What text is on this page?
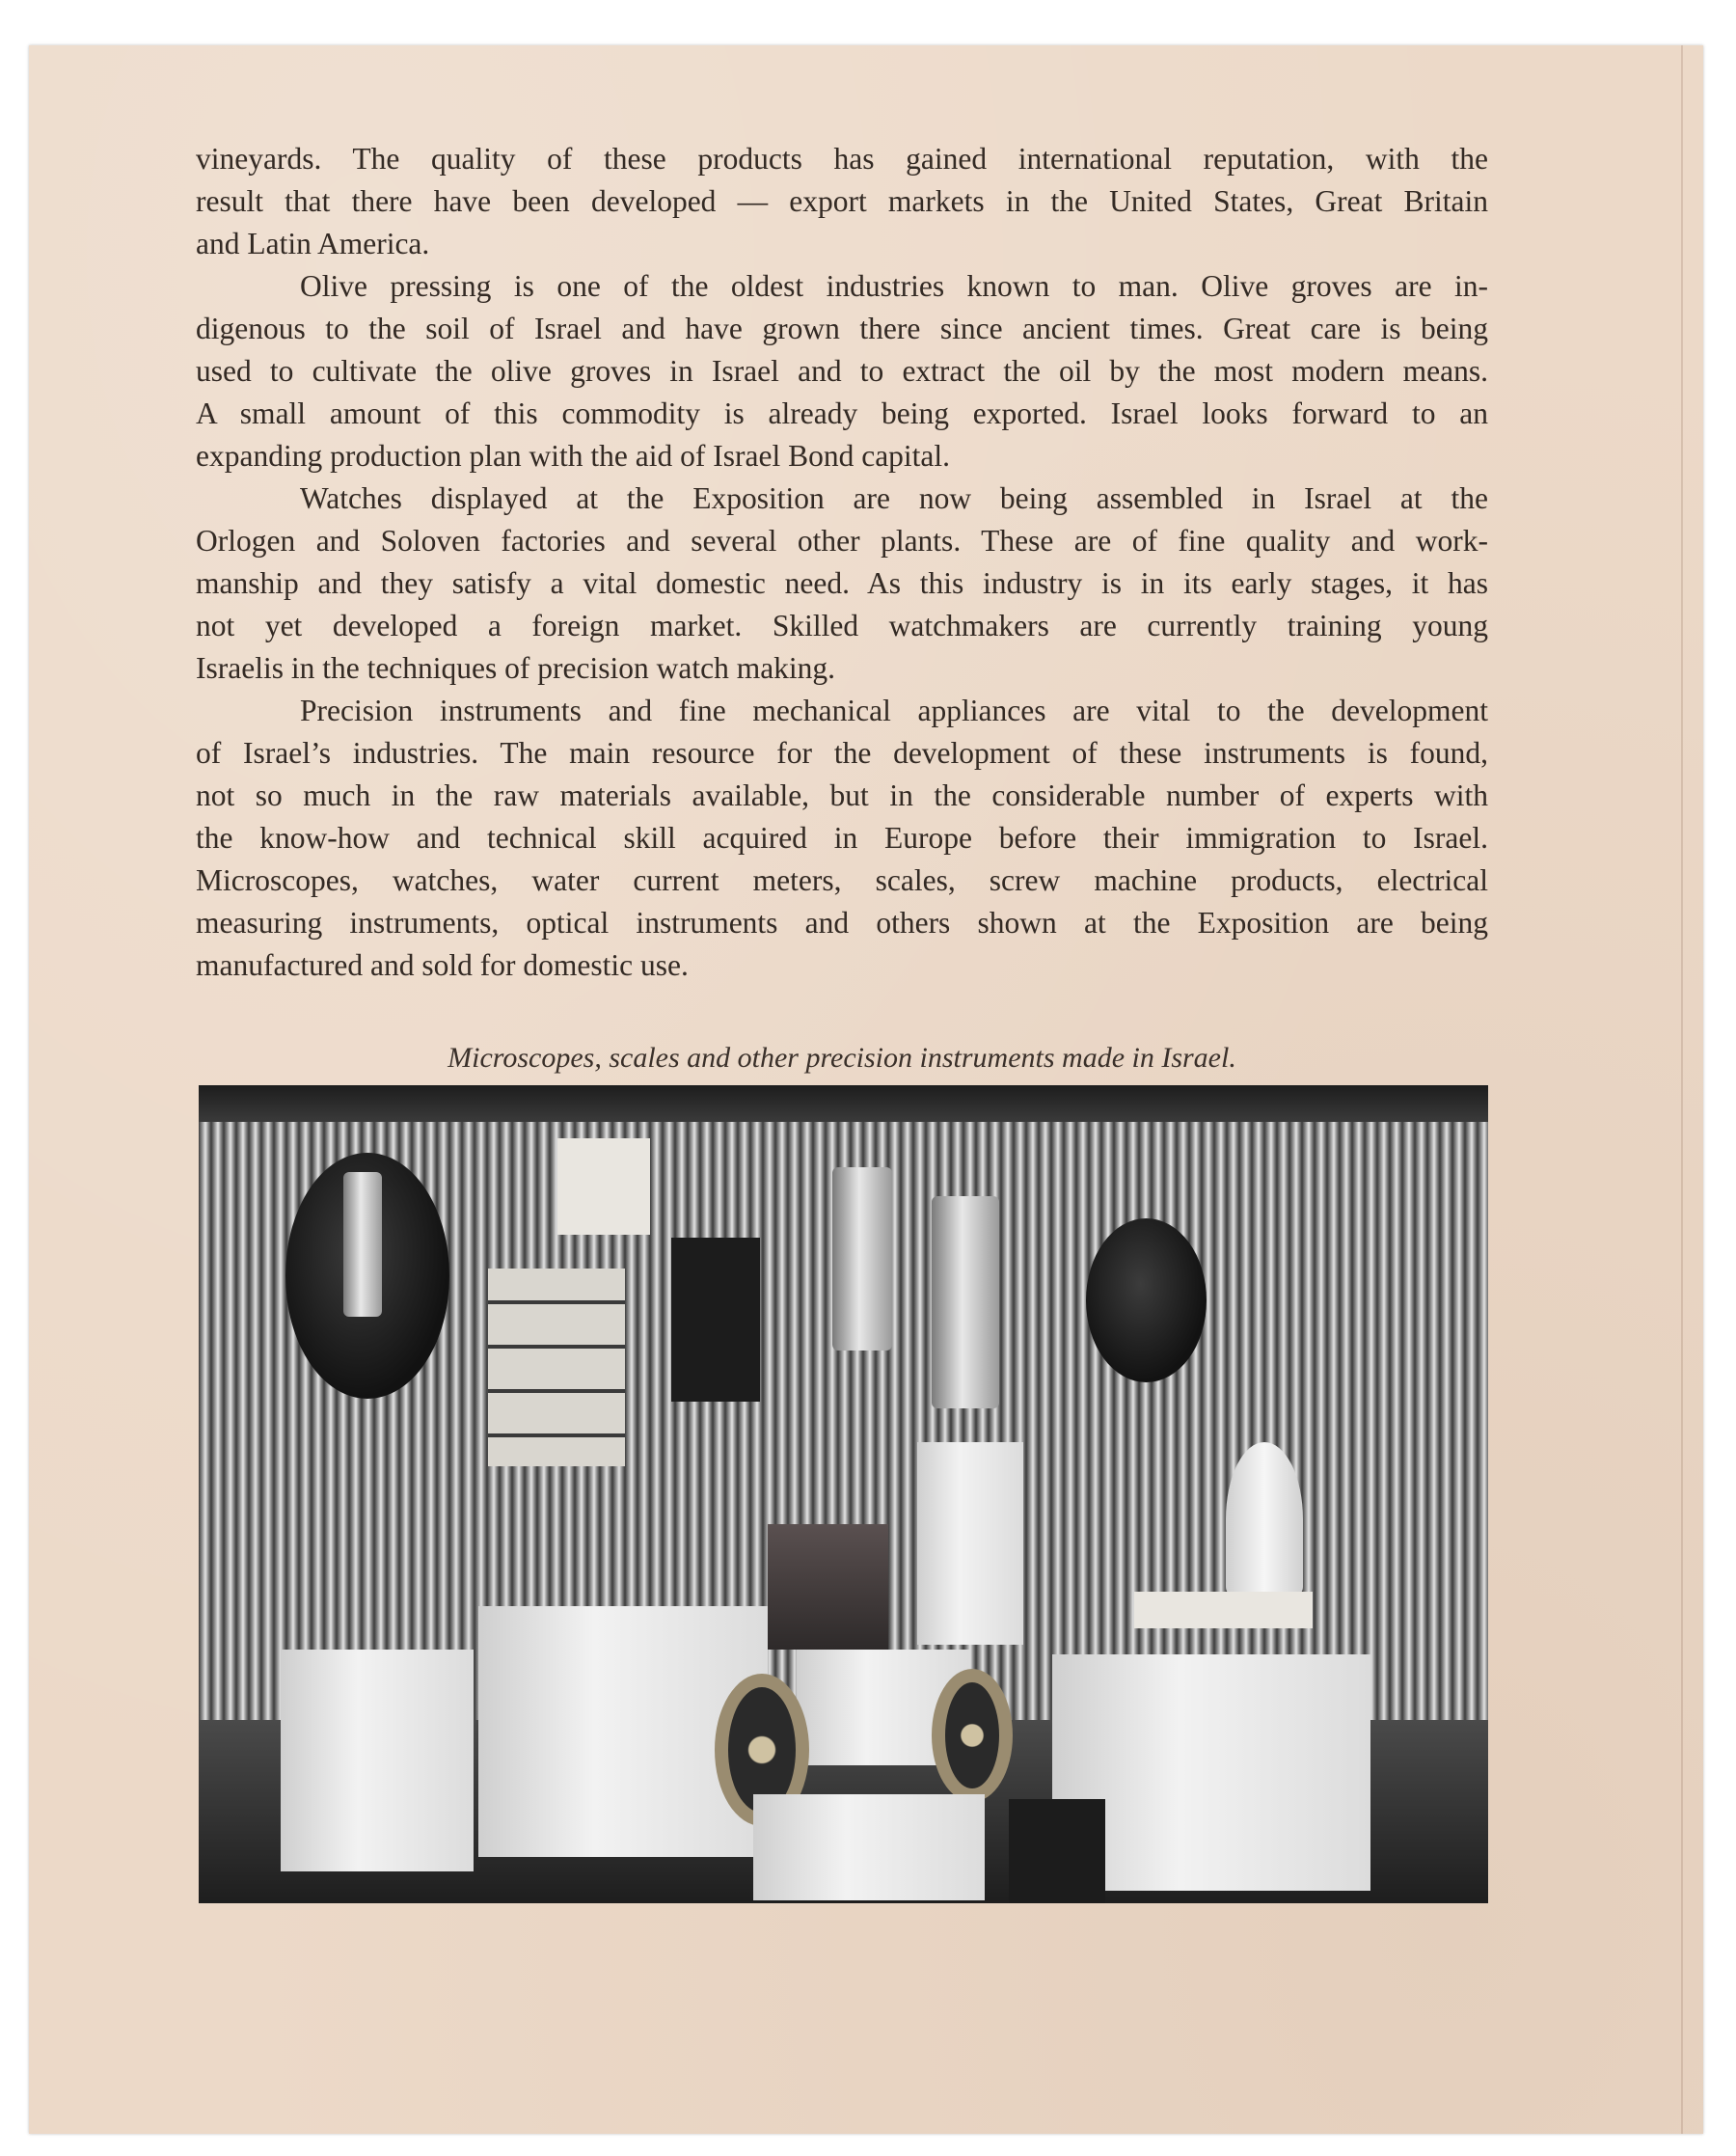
vineyards. The quality of these products has gained international reputation, with the
result that there have been developed — export markets in the United States, Great Britain
and Latin America.
Olive pressing is one of the oldest industries known to man. Olive groves are in-
digenous to the soil of Israel and have grown there since ancient times. Great care is being
used to cultivate the olive groves in Israel and to extract the oil by the most modern means.
A small amount of this commodity is already being exported. Israel looks forward to an
expanding production plan with the aid of Israel Bond capital.
Watches displayed at the Exposition are now being assembled in Israel at the
Orlogen and Soloven factories and several other plants. These are of fine quality and work-
manship and they satisfy a vital domestic need. As this industry is in its early stages, it has
not yet developed a foreign market. Skilled watchmakers are currently training young
Israelis in the techniques of precision watch making.
Precision instruments and fine mechanical appliances are vital to the development
of Israel’s industries. The main resource for the development of these instruments is found,
not so much in the raw materials available, but in the considerable number of experts with
the know-how and technical skill acquired in Europe before their immigration to Israel.
Microscopes, watches, water current meters, scales, screw machine products, electrical
measuring instruments, optical instruments and others shown at the Exposition are being
manufactured and sold for domestic use.
Microscopes, scales and other precision instruments made in Israel.
